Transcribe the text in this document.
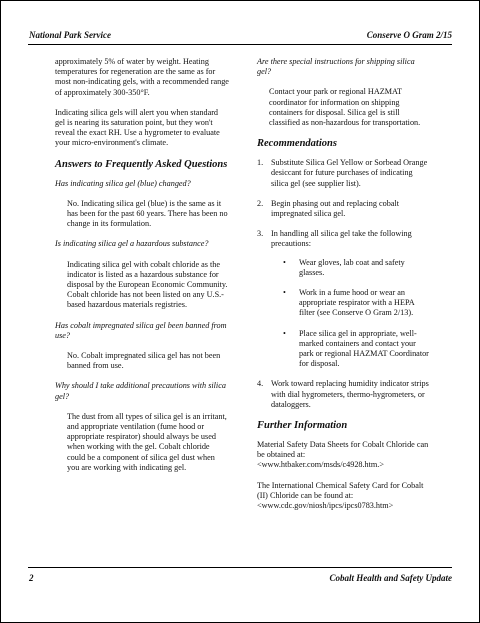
National Park Service	Conserve O Gram 2/15

approximately 5% of water by weight. Heating temperatures for regeneration are the same as for most non-indicating gels, with a recommended range of approximately 300-350°F.

Indicating silica gels will alert you when standard gel is nearing its saturation point, but they won't reveal the exact RH. Use a hygrometer to evaluate your micro-environment's climate.

Answers to Frequently Asked Questions
Has indicating silica gel (blue) changed?
No. Indicating silica gel (blue) is the same as it has been for the past 60 years. There has been no change in its formulation.
Is indicating silica gel a hazardous substance?
Indicating silica gel with cobalt chloride as the indicator is listed as a hazardous substance for disposal by the European Economic Community. Cobalt chloride has not been listed on any U.S.-based hazardous materials registries.
Has cobalt impregnated silica gel been banned from use?
No. Cobalt impregnated silica gel has not been banned from use.
Why should I take additional precautions with silica gel?
The dust from all types of silica gel is an irritant, and appropriate ventilation (fume hood or appropriate respirator) should always be used when working with the gel. Cobalt chloride could be a component of silica gel dust when you are working with indicating gel.
Are there special instructions for shipping silica gel?
Contact your park or regional HAZMAT coordinator for information on shipping containers for disposal. Silica gel is still classified as non-hazardous for transportation.
Recommendations
1. Substitute Silica Gel Yellow or Sorbead Orange desiccant for future purchases of indicating silica gel (see supplier list).
2. Begin phasing out and replacing cobalt impregnated silica gel.
3. In handling all silica gel take the following precautions:
• Wear gloves, lab coat and safety glasses.
• Work in a fume hood or wear an appropriate respirator with a HEPA filter (see Conserve O Gram 2/13).
• Place silica gel in appropriate, well-marked containers and contact your park or regional HAZMAT Coordinator for disposal.
4. Work toward replacing humidity indicator strips with dial hygrometers, thermo-hygrometers, or dataloggers.
Further Information

Material Safety Data Sheets for Cobalt Chloride can be obtained at:<www.htbaker.com/msds/c4928.htm.>

The International Chemical Safety Card for Cobalt (II) Chloride can be found at: <www.cdc.gov/niosh/ipcs/ipcs0783.htm>

2	Cobalt Health and Safety Update
